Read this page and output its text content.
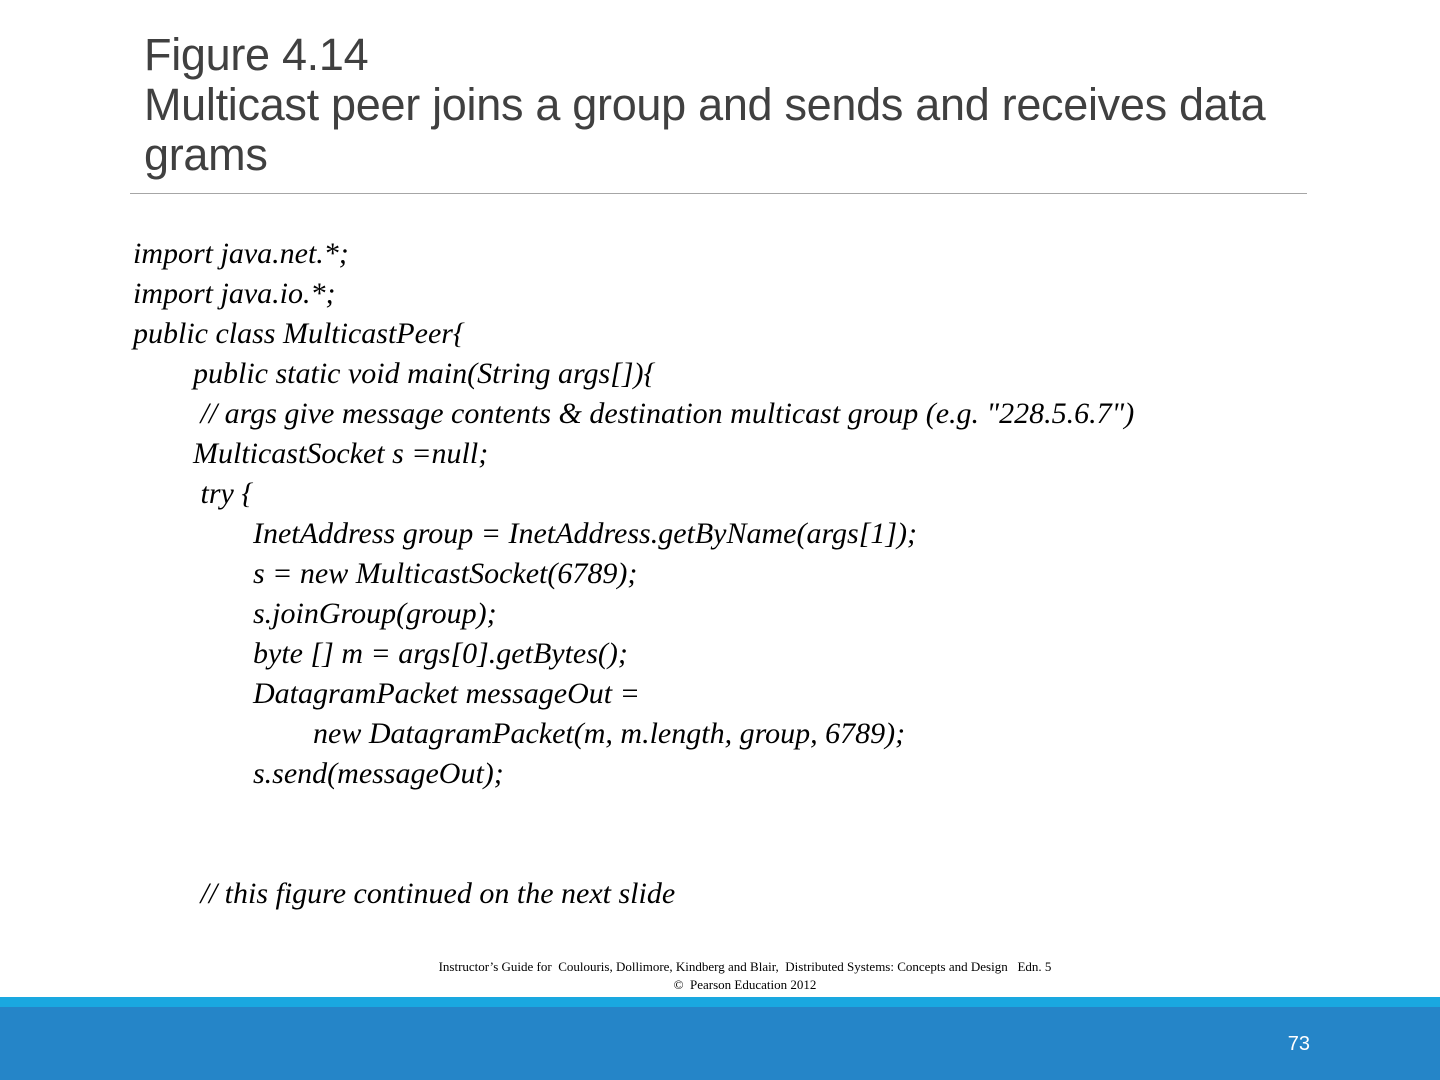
Figure 4.14
Multicast peer joins a group and sends and receives data
grams
import java.net.*;
import java.io.*;
public class MulticastPeer{
public static void main(String args[]){
// args give message contents & destination multicast group (e.g. "228.5.6.7")
MulticastSocket s =null;
try {
InetAddress group = InetAddress.getByName(args[1]);
s = new MulticastSocket(6789);
s.joinGroup(group);
byte [] m = args[0].getBytes();
DatagramPacket messageOut =
new DatagramPacket(m, m.length, group, 6789);
s.send(messageOut);
// this figure continued on the next slide
Instructor’s Guide for  Coulouris, Dollimore, Kindberg and Blair,  Distributed Systems: Concepts and Design   Edn. 5
©  Pearson Education 2012
73
